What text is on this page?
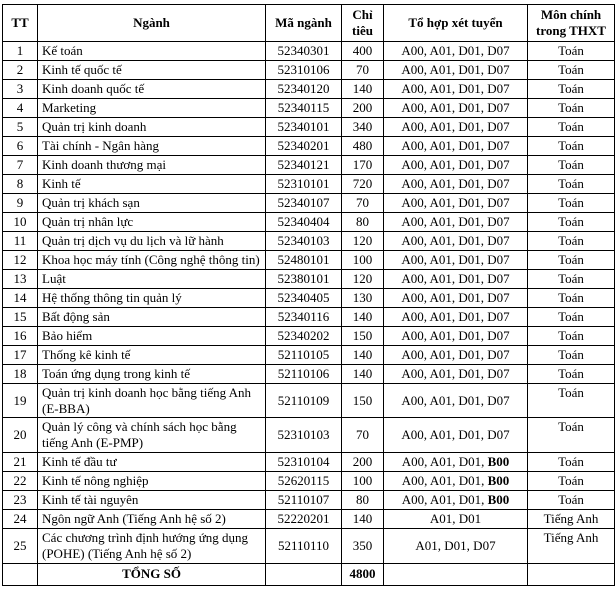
TT	Ngành	Mã ngành	Chỉ tiêu	Tổ hợp xét tuyển	Môn chính trong THXT
1	Kế toán	52340301	400	A00, A01, D01, D07	Toán
2	Kinh tế quốc tế	52310106	70	A00, A01, D01, D07	Toán
3	Kinh doanh quốc tế	52340120	140	A00, A01, D01, D07	Toán
4	Marketing	52340115	200	A00, A01, D01, D07	Toán
5	Quản trị kinh doanh	52340101	340	A00, A01, D01, D07	Toán
6	Tài chính - Ngân hàng	52340201	480	A00, A01, D01, D07	Toán
7	Kinh doanh thương mại	52340121	170	A00, A01, D01, D07	Toán
8	Kinh tế	52310101	720	A00, A01, D01, D07	Toán
9	Quản trị khách sạn	52340107	70	A00, A01, D01, D07	Toán
10	Quản trị nhân lực	52340404	80	A00, A01, D01, D07	Toán
11	Quản trị dịch vụ du lịch và lữ hành	52340103	120	A00, A01, D01, D07	Toán
12	Khoa học máy tính (Công nghệ thông tin)	52480101	100	A00, A01, D01, D07	Toán
13	Luật	52380101	120	A00, A01, D01, D07	Toán
14	Hệ thống thông tin quản lý	52340405	130	A00, A01, D01, D07	Toán
15	Bất động sản	52340116	140	A00, A01, D01, D07	Toán
16	Bảo hiểm	52340202	150	A00, A01, D01, D07	Toán
17	Thống kê kinh tế	52110105	140	A00, A01, D01, D07	Toán
18	Toán ứng dụng trong kinh tế	52110106	140	A00, A01, D01, D07	Toán
19	Quản trị kinh doanh học bằng tiếng Anh (E-BBA)	52110109	150	A00, A01, D01, D07	Toán
20	Quản lý công và chính sách học bằng tiếng Anh (E-PMP)	52310103	70	A00, A01, D01, D07	Toán
21	Kinh tế đầu tư	52310104	200	A00, A01, D01, B00	Toán
22	Kinh tế nông nghiệp	52620115	100	A00, A01, D01, B00	Toán
23	Kinh tế tài nguyên	52110107	80	A00, A01, D01, B00	Toán
24	Ngôn ngữ Anh (Tiếng Anh hệ số 2)	52220201	140	A01, D01	Tiếng Anh
25	Các chương trình định hướng ứng dụng (POHE) (Tiếng Anh hệ số 2)	52110110	350	A01, D01, D07	Tiếng Anh
	TỔNG SỐ		4800		
